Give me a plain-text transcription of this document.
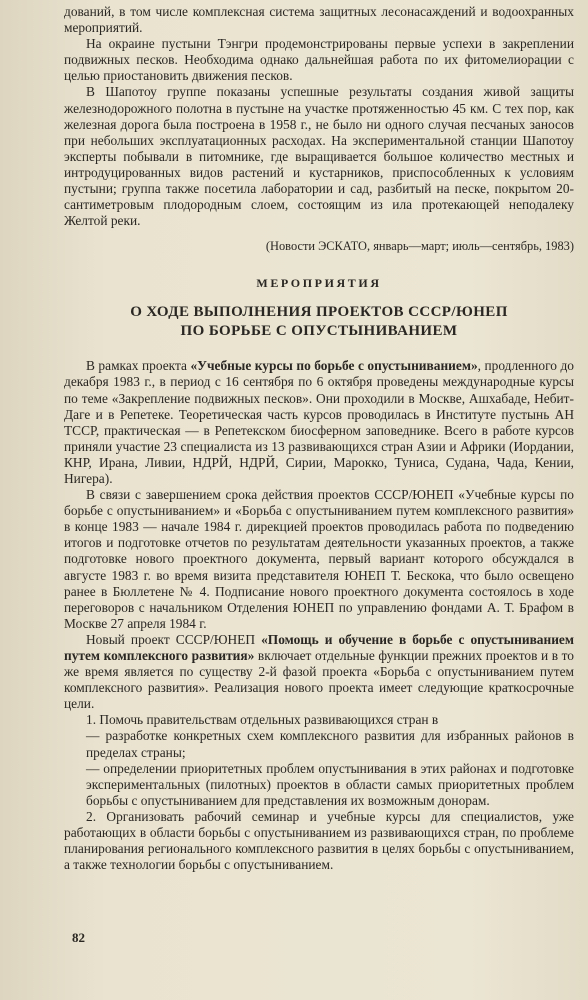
дований, в том числе комплексная система защитных лесонасаждений и водоохранных мероприятий.

На окраине пустыни Тэнгри продемонстрированы первые успехи в закреплении подвижных песков. Необходима однако дальнейшая работа по их фитомелиорации с целью приостановить движения песков.

В Шапотоу группе показаны успешные результаты создания живой защиты железнодорожного полотна в пустыне на участке протяженностью 45 км. С тех пор, как железная дорога была построена в 1958 г., не было ни одного случая песчаных заносов при небольших эксплуатационных расходах. На экспериментальной станции Шапотоу эксперты побывали в питомнике, где выращивается большое количество местных и интродуцированных видов растений и кустарников, приспособленных к условиям пустыни; группа также посетила лаборатории и сад, разбитый на песке, покрытом 20-сантиметровым плодородным слоем, состоящим из ила протекающей неподалеку Желтой реки.

(Новости ЭСКАТО, январь—март; июль—сентябрь, 1983)

МЕРОПРИЯТИЯ
О ХОДЕ ВЫПОЛНЕНИЯ ПРОЕКТОВ СССР/ЮНЕП
ПО БОРЬБЕ С ОПУСТЫНИВАНИЕМ

В рамках проекта «Учебные курсы по борьбе с опустыниванием», продленного до декабря 1983 г., в период с 16 сентября по 6 октября проведены международные курсы по теме «Закрепление подвижных песков». Они проходили в Москве, Ашхабаде, Небит-Даге и в Репетеке. Теоретическая часть курсов проводилась в Институте пустынь АН ТССР, практическая — в Репетекском биосферном заповеднике. Всего в работе курсов приняли участие 23 специалиста из 13 развивающихся стран Азии и Африки (Иордании, КНР, Ирана, Ливии, НДРЙ, НДРЙ, Сирии, Марокко, Туниса, Судана, Чада, Кении, Нигера).

В связи с завершением срока действия проектов СССР/ЮНЕП «Учебные курсы по борьбе с опустыниванием» и «Борьба с опустыниванием путем комплексного развития» в конце 1983 — начале 1984 г. дирекцией проектов проводилась работа по подведению итогов и подготовке отчетов по результатам деятельности указанных проектов, а также подготовке нового проектного документа, первый вариант которого обсуждался в августе 1983 г. во время визита представителя ЮНЕП Т. Бескока, что было освещено ранее в Бюллетене № 4. Подписание нового проектного документа состоялось в ходе переговоров с начальником Отделения ЮНЕП по управлению фондами А. Т. Брафом в Москве 27 апреля 1984 г.

Новый проект СССР/ЮНЕП «Помощь и обучение в борьбе с опустыниванием путем комплексного развития» включает отдельные функции прежних проектов и в то же время является по существу 2-й фазой проекта «Борьба с опустыниванием путем комплексного развития». Реализация нового проекта имеет следующие краткосрочные цели.

1. Помочь правительствам отдельных развивающихся стран в

— разработке конкретных схем комплексного развития для избранных районов в пределах страны;

— определении приоритетных проблем опустынивания в этих районах и подготовке экспериментальных (пилотных) проектов в области самых приоритетных проблем борьбы с опустыниванием для представления их возможным донорам.

2. Организовать рабочий семинар и учебные курсы для специалистов, уже работающих в области борьбы с опустыниванием из развивающихся стран, по проблеме планирования регионального комплексного развития в целях борьбы с опустыниванием, а также технологии борьбы с опустыниванием.

82
